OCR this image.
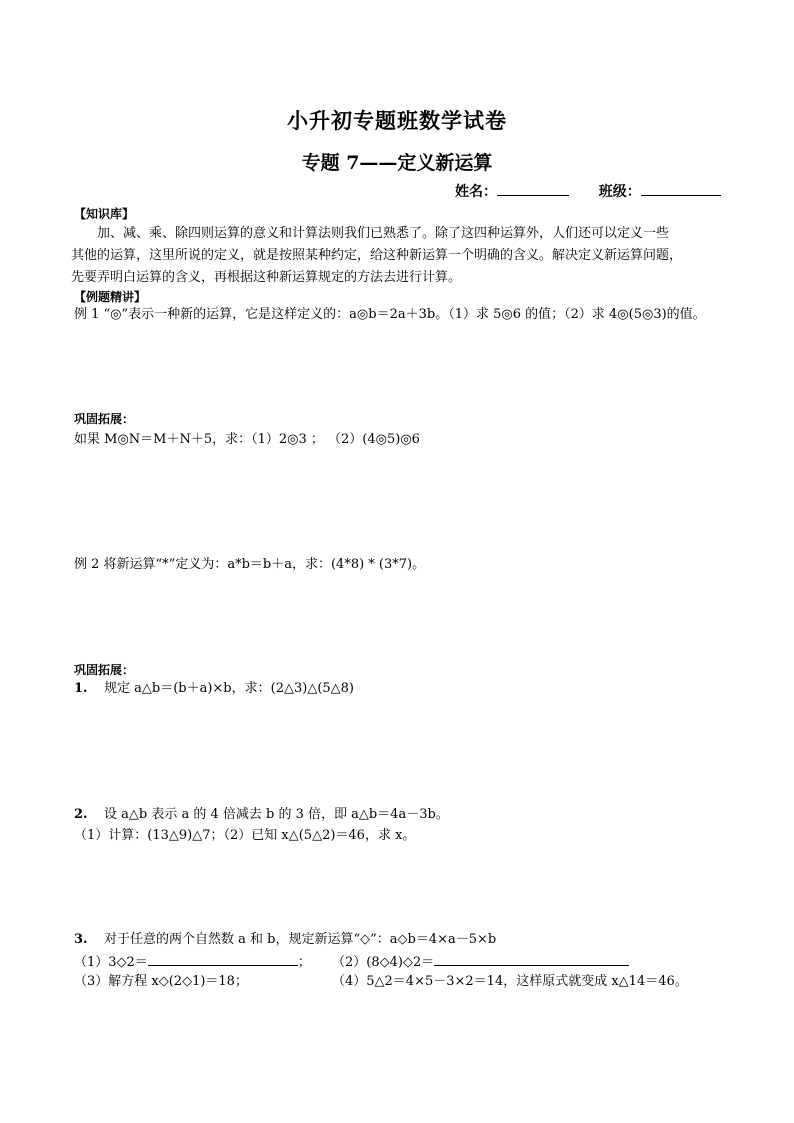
小升初专题班数学试卷
专题 7——定义新运算
姓名：	班级：
【知识库】

加、减、乘、除四则运算的意义和计算法则我们已熟悉了。除了这四种运算外，人们还可以定义一些

其他的运算，这里所说的定义，就是按照某种约定，给这种新运算一个明确的含义。解决定义新运算问题，

先要弄明白运算的含义，再根据这种新运算规定的方法去进行计算。

【例题精讲】
例 1 “◎”表示一种新的运算，它是这样定义的：a◎b＝2a＋3b。（1）求 5◎6 的值；（2）求 4◎(5◎3)的值。
巩固拓展：
如果 M◎N＝M＋N＋5，求：（1）2◎3 ； （2）(4◎5)◎6
例 2 将新运算“*”定义为：a*b＝b＋a，求：(4*8) * (3*7)。
巩固拓展：
1. 规定 a△b＝(b＋a)×b，求：(2△3)△(5△8)
2. 设 a△b 表示 a 的 4 倍减去 b 的 3 倍，即 a△b＝4a－3b。
（1）计算：(13△9)△7；（2）已知 x△(5△2)＝46，求 x。
3. 对于任意的两个自然数 a 和 b，规定新运算“◇”：a◇b＝4×a－5×b
（1）3◇2＝	； （2）(8◇4)◇2＝
（3）解方程 x◇(2◇1)＝18；	（4）5△2＝4×5－3×2＝14，这样原式就变成 x△14＝46。
